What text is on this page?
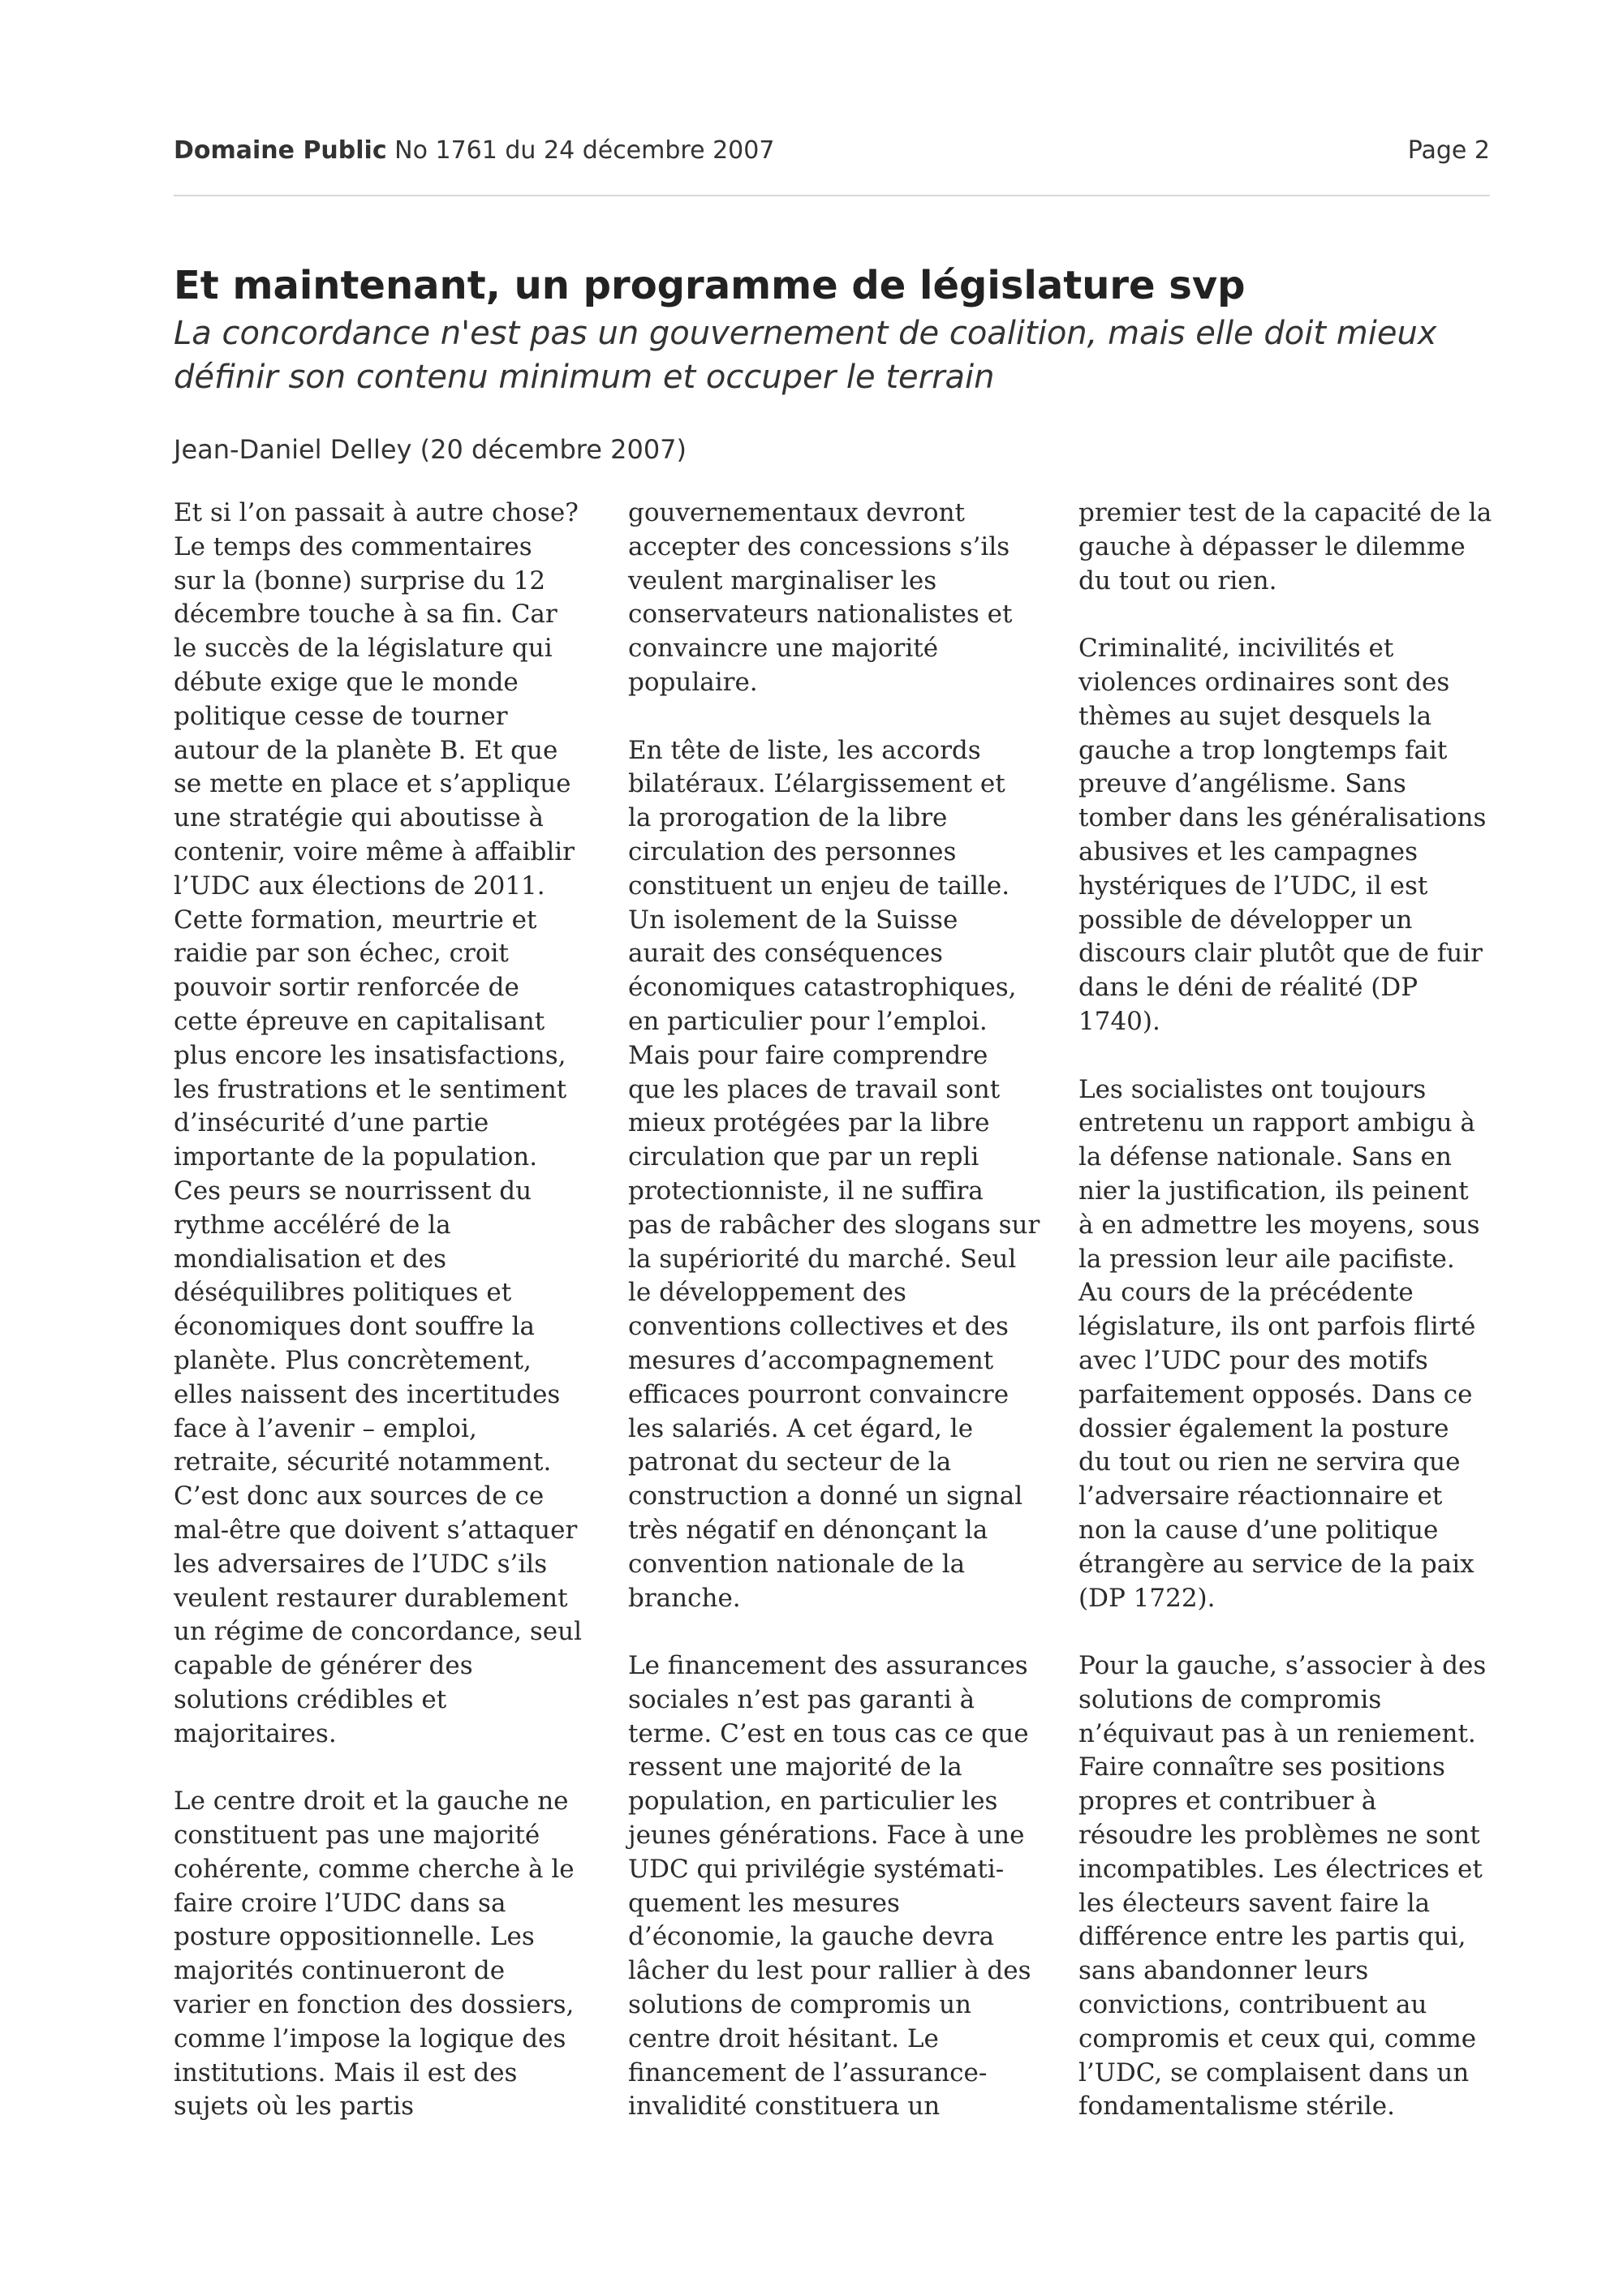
Domaine Public No 1761 du 24 décembre 2007	Page 2
Et maintenant, un programme de législature svp
La concordance n'est pas un gouvernement de coalition, mais elle doit mieux
définir son contenu minimum et occuper le terrain
Jean-Daniel Delley (20 décembre 2007)
Et si l’on passait à autre chose?
Le temps des commentaires
sur la (bonne) surprise du 12
décembre touche à sa fin. Car
le succès de la législature qui
débute exige que le monde
politique cesse de tourner
autour de la planète B. Et que
se mette en place et s’applique
une stratégie qui aboutisse à
contenir, voire même à affaiblir
l’UDC aux élections de 2011.
Cette formation, meurtrie et
raidie par son échec, croit
pouvoir sortir renforcée de
cette épreuve en capitalisant
plus encore les insatisfactions,
les frustrations et le sentiment
d’insécurité d’une partie
importante de la population.
Ces peurs se nourrissent du
rythme accéléré de la
mondialisation et des
déséquilibres politiques et
économiques dont souffre la
planète. Plus concrètement,
elles naissent des incertitudes
face à l’avenir – emploi,
retraite, sécurité notamment.
C’est donc aux sources de ce
mal-être que doivent s’attaquer
les adversaires de l’UDC s’ils
veulent restaurer durablement
un régime de concordance, seul
capable de générer des
solutions crédibles et
majoritaires.
Le centre droit et la gauche ne
constituent pas une majorité
cohérente, comme cherche à le
faire croire l’UDC dans sa
posture oppositionnelle. Les
majorités continueront de
varier en fonction des dossiers,
comme l’impose la logique des
institutions. Mais il est des
sujets où les partis
gouvernementaux devront
accepter des concessions s’ils
veulent marginaliser les
conservateurs nationalistes et
convaincre une majorité
populaire.
En tête de liste, les accords
bilatéraux. L’élargissement et
la prorogation de la libre
circulation des personnes
constituent un enjeu de taille.
Un isolement de la Suisse
aurait des conséquences
économiques catastrophiques,
en particulier pour l’emploi.
Mais pour faire comprendre
que les places de travail sont
mieux protégées par la libre
circulation que par un repli
protectionniste, il ne suffira
pas de rabâcher des slogans sur
la supériorité du marché. Seul
le développement des
conventions collectives et des
mesures d’accompagnement
efficaces pourront convaincre
les salariés. A cet égard, le
patronat du secteur de la
construction a donné un signal
très négatif en dénonçant la
convention nationale de la
branche.
Le financement des assurances
sociales n’est pas garanti à
terme. C’est en tous cas ce que
ressent une majorité de la
population, en particulier les
jeunes générations. Face à une
UDC qui privilégie systémati-
quement les mesures
d’économie, la gauche devra
lâcher du lest pour rallier à des
solutions de compromis un
centre droit hésitant. Le
financement de l’assurance-
invalidité constituera un
premier test de la capacité de la
gauche à dépasser le dilemme
du tout ou rien.
Criminalité, incivilités et
violences ordinaires sont des
thèmes au sujet desquels la
gauche a trop longtemps fait
preuve d’angélisme. Sans
tomber dans les généralisations
abusives et les campagnes
hystériques de l’UDC, il est
possible de développer un
discours clair plutôt que de fuir
dans le déni de réalité (DP
1740).
Les socialistes ont toujours
entretenu un rapport ambigu à
la défense nationale. Sans en
nier la justification, ils peinent
à en admettre les moyens, sous
la pression leur aile pacifiste.
Au cours de la précédente
législature, ils ont parfois flirté
avec l’UDC pour des motifs
parfaitement opposés. Dans ce
dossier également la posture
du tout ou rien ne servira que
l’adversaire réactionnaire et
non la cause d’une politique
étrangère au service de la paix
(DP 1722).
Pour la gauche, s’associer à des
solutions de compromis
n’équivaut pas à un reniement.
Faire connaître ses positions
propres et contribuer à
résoudre les problèmes ne sont
incompatibles. Les électrices et
les électeurs savent faire la
différence entre les partis qui,
sans abandonner leurs
convictions, contribuent au
compromis et ceux qui, comme
l’UDC, se complaisent dans un
fondamentalisme stérile.
